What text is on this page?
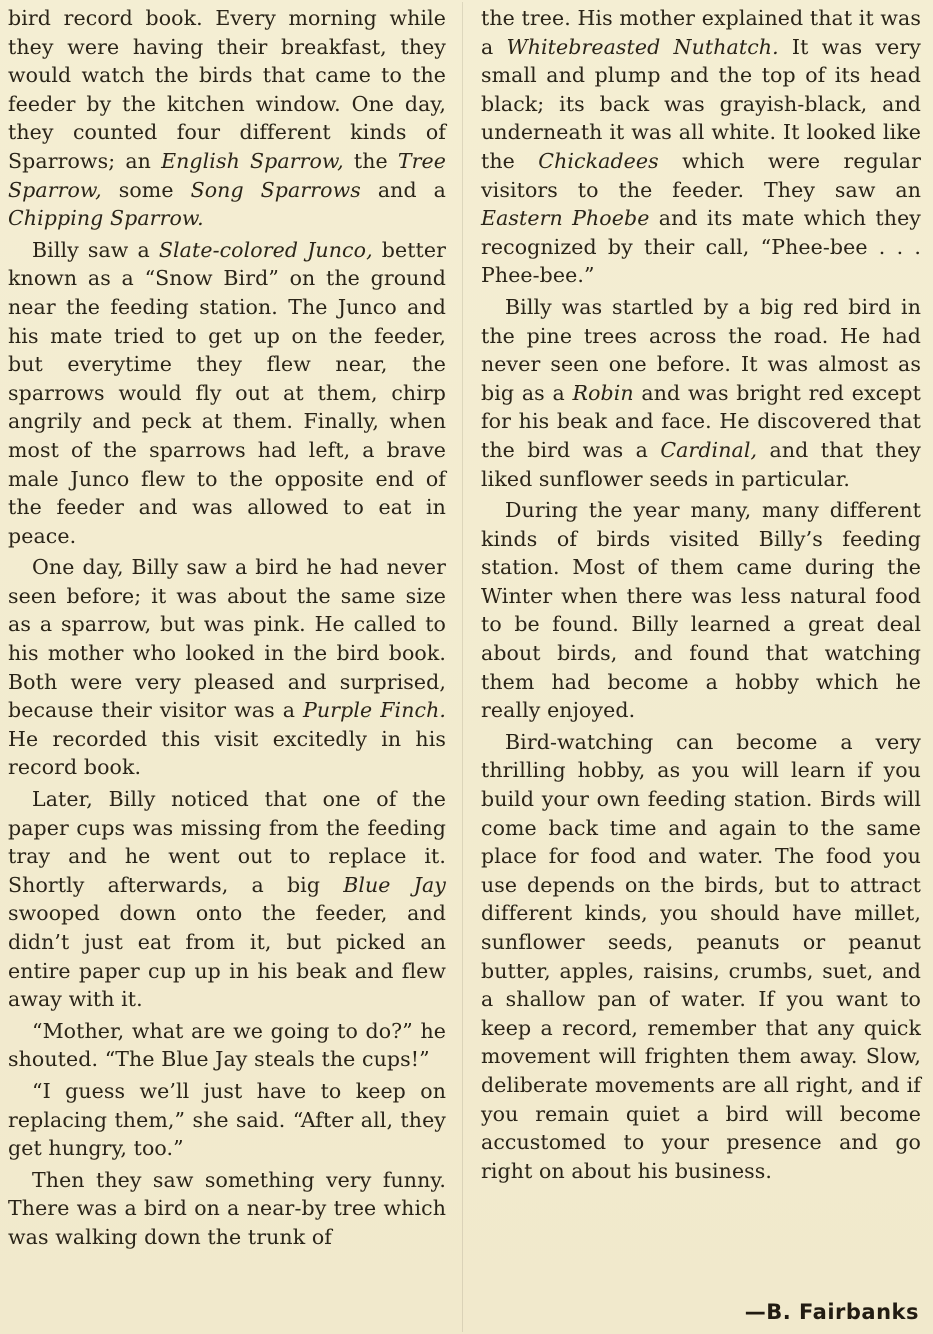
bird record book. Every morning while they were having their breakfast, they would watch the birds that came to the feeder by the kitchen window. One day, they counted four different kinds of Sparrows; an English Sparrow, the Tree Sparrow, some Song Sparrows and a Chipping Sparrow.

Billy saw a Slate-colored Junco, better known as a “Snow Bird” on the ground near the feeding station. The Junco and his mate tried to get up on the feeder, but everytime they flew near, the sparrows would fly out at them, chirp angrily and peck at them. Finally, when most of the sparrows had left, a brave male Junco flew to the opposite end of the feeder and was allowed to eat in peace.

One day, Billy saw a bird he had never seen before; it was about the same size as a sparrow, but was pink. He called to his mother who looked in the bird book. Both were very pleased and surprised, because their visitor was a Purple Finch. He recorded this visit excitedly in his record book.

Later, Billy noticed that one of the paper cups was missing from the feeding tray and he went out to replace it. Shortly afterwards, a big Blue Jay swooped down onto the feeder, and didn’t just eat from it, but picked an entire paper cup up in his beak and flew away with it.

“Mother, what are we going to do?” he shouted. “The Blue Jay steals the cups!”

“I guess we’ll just have to keep on replacing them,” she said. “After all, they get hungry, too.”

Then they saw something very funny. There was a bird on a near-by tree which was walking down the trunk of

the tree. His mother explained that it was a Whitebreasted Nuthatch. It was very small and plump and the top of its head black; its back was grayish-black, and underneath it was all white. It looked like the Chickadees which were regular visitors to the feeder. They saw an Eastern Phoebe and its mate which they recognized by their call, “Phee-bee . . . Phee-bee.”

Billy was startled by a big red bird in the pine trees across the road. He had never seen one before. It was almost as big as a Robin and was bright red except for his beak and face. He discovered that the bird was a Cardinal, and that they liked sunflower seeds in particular.

During the year many, many different kinds of birds visited Billy’s feeding station. Most of them came during the Winter when there was less natural food to be found. Billy learned a great deal about birds, and found that watching them had become a hobby which he really enjoyed.

Bird-watching can become a very thrilling hobby, as you will learn if you build your own feeding station. Birds will come back time and again to the same place for food and water. The food you use depends on the birds, but to attract different kinds, you should have millet, sunflower seeds, peanuts or peanut butter, apples, raisins, crumbs, suet, and a shallow pan of water. If you want to keep a record, remember that any quick movement will frighten them away. Slow, deliberate movements are all right, and if you remain quiet a bird will become accustomed to your presence and go right on about his business.

—B. Fairbanks
